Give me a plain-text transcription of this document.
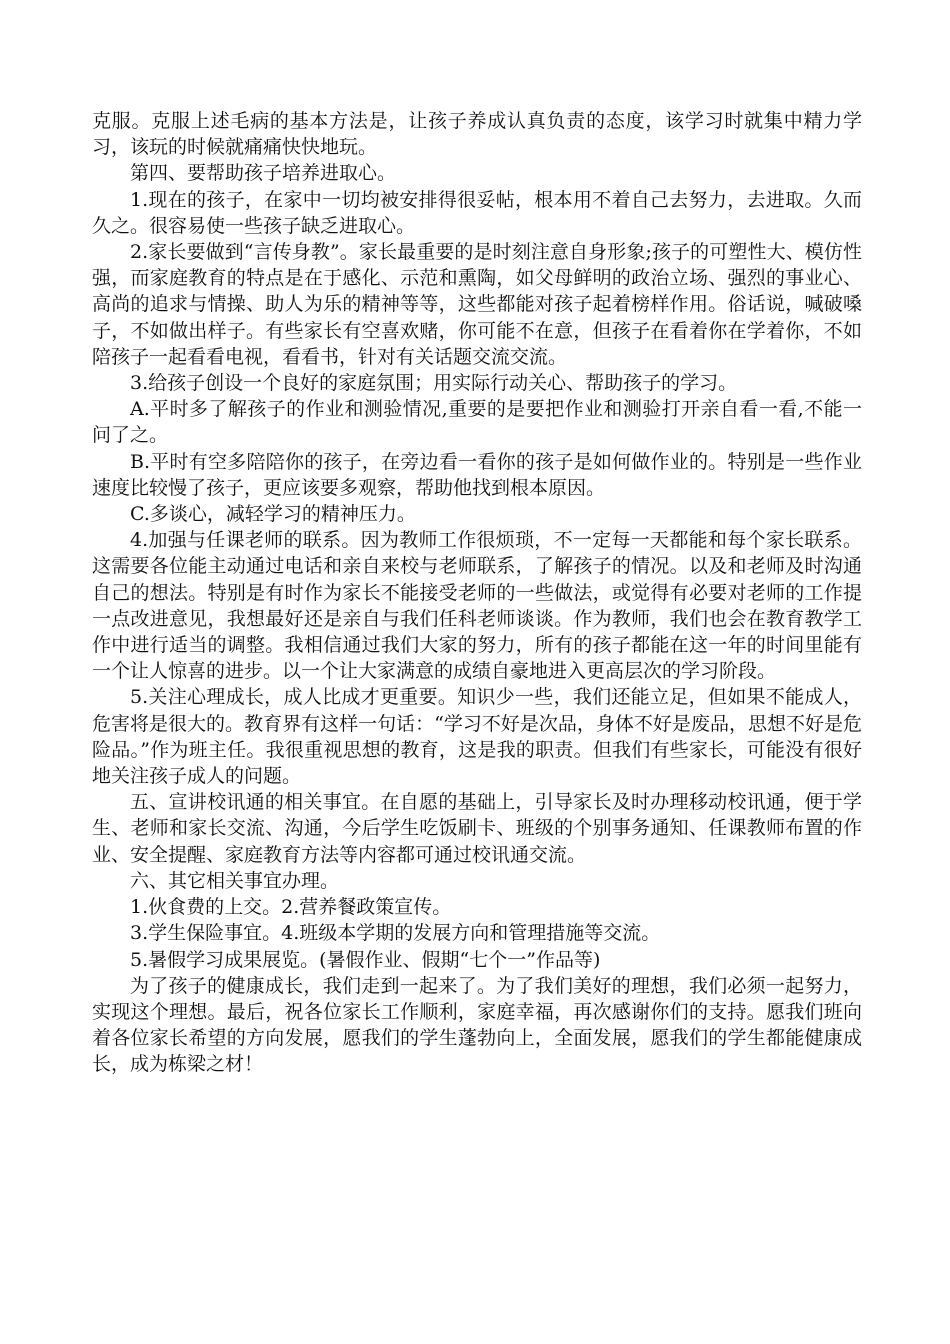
克服。克服上述毛病的基本方法是，让孩子养成认真负责的态度，该学习时就集中精力学习，该玩的时候就痛痛快快地玩。

第四、要帮助孩子培养进取心。

1.现在的孩子，在家中一切均被安排得很妥帖，根本用不着自己去努力，去进取。久而久之。很容易使一些孩子缺乏进取心。

2.家长要做到“言传身教”。家长最重要的是时刻注意自身形象;孩子的可塑性大、模仿性强，而家庭教育的特点是在于感化、示范和熏陶，如父母鲜明的政治立场、强烈的事业心、高尚的追求与情操、助人为乐的精神等等，这些都能对孩子起着榜样作用。俗话说，喊破嗓子，不如做出样子。有些家长有空喜欢赌，你可能不在意，但孩子在看着你在学着你，不如陪孩子一起看看电视，看看书，针对有关话题交流交流。

3.给孩子创设一个良好的家庭氛围；用实际行动关心、帮助孩子的学习。

A.平时多了解孩子的作业和测验情况,重要的是要把作业和测验打开亲自看一看,不能一问了之。

B.平时有空多陪陪你的孩子，在旁边看一看你的孩子是如何做作业的。特别是一些作业速度比较慢了孩子，更应该要多观察，帮助他找到根本原因。

C.多谈心，减轻学习的精神压力。

4.加强与任课老师的联系。因为教师工作很烦琐，不一定每一天都能和每个家长联系。这需要各位能主动通过电话和亲自来校与老师联系，了解孩子的情况。以及和老师及时沟通自己的想法。特别是有时作为家长不能接受老师的一些做法，或觉得有必要对老师的工作提一点改进意见，我想最好还是亲自与我们任科老师谈谈。作为教师，我们也会在教育教学工作中进行适当的调整。我相信通过我们大家的努力，所有的孩子都能在这一年的时间里能有一个让人惊喜的进步。以一个让大家满意的成绩自豪地进入更高层次的学习阶段。

5.关注心理成长，成人比成才更重要。知识少一些，我们还能立足，但如果不能成人，危害将是很大的。教育界有这样一句话：“学习不好是次品，身体不好是废品，思想不好是危险品。”作为班主任。我很重视思想的教育，这是我的职责。但我们有些家长，可能没有很好地关注孩子成人的问题。

五、宣讲校讯通的相关事宜。在自愿的基础上，引导家长及时办理移动校讯通，便于学生、老师和家长交流、沟通，今后学生吃饭刷卡、班级的个别事务通知、任课教师布置的作业、安全提醒、家庭教育方法等内容都可通过校讯通交流。

六、其它相关事宜办理。

1.伙食费的上交。2.营养餐政策宣传。

3.学生保险事宜。4.班级本学期的发展方向和管理措施等交流。

5.暑假学习成果展览。(暑假作业、假期“七个一”作品等)

为了孩子的健康成长，我们走到一起来了。为了我们美好的理想，我们必须一起努力，实现这个理想。最后，祝各位家长工作顺利，家庭幸福，再次感谢你们的支持。愿我们班向着各位家长希望的方向发展，愿我们的学生蓬勃向上，全面发展，愿我们的学生都能健康成长，成为栋梁之材！
